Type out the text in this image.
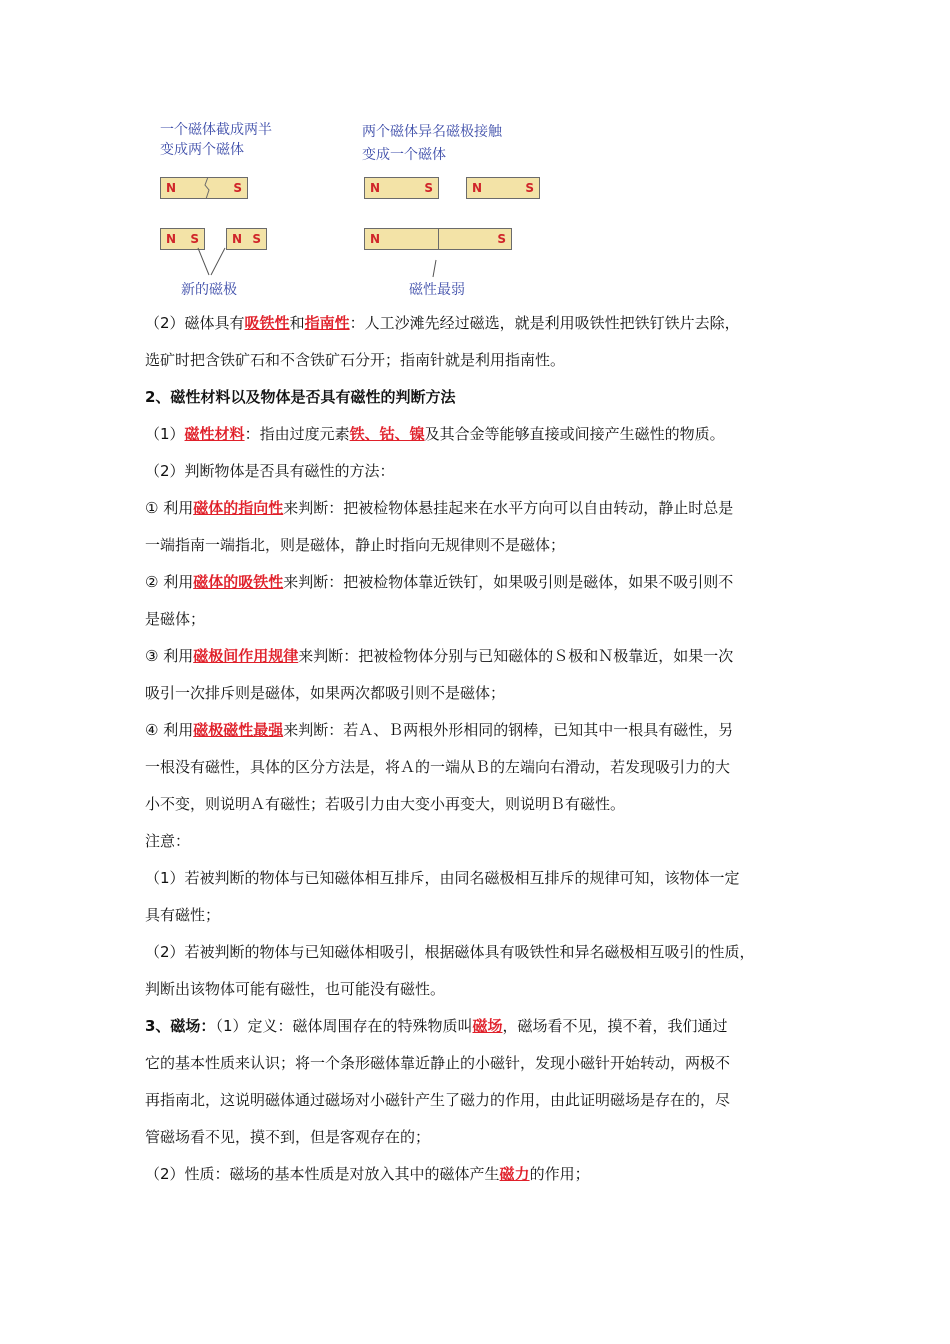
一个磁体截成两半
变成两个磁体
两个磁体异名磁极接触
变成一个磁体
N	S
N S	N S
新的磁极
N	S	N	S
N	S
磁性最弱
（2）磁体具有吸铁性和指南性：人工沙滩先经过磁选，就是利用吸铁性把铁钉铁片去除，
选矿时把含铁矿石和不含铁矿石分开；指南针就是利用指南性。
2、磁性材料以及物体是否具有磁性的判断方法
（1）磁性材料：指由过度元素铁、钴、镍及其合金等能够直接或间接产生磁性的物质。
（2）判断物体是否具有磁性的方法：
① 利用磁体的指向性来判断：把被检物体悬挂起来在水平方向可以自由转动，静止时总是
一端指南一端指北，则是磁体，静止时指向无规律则不是磁体；
② 利用磁体的吸铁性来判断：把被检物体靠近铁钉，如果吸引则是磁体，如果不吸引则不
是磁体；
③ 利用磁极间作用规律来判断：把被检物体分别与已知磁体的Ｓ极和Ｎ极靠近，如果一次
吸引一次排斥则是磁体，如果两次都吸引则不是磁体；
④ 利用磁极磁性最强来判断：若Ａ、Ｂ两根外形相同的钢棒，已知其中一根具有磁性，另
一根没有磁性，具体的区分方法是，将Ａ的一端从Ｂ的左端向右滑动，若发现吸引力的大
小不变，则说明Ａ有磁性；若吸引力由大变小再变大，则说明Ｂ有磁性。
注意：
（1）若被判断的物体与已知磁体相互排斥，由同名磁极相互排斥的规律可知，该物体一定
具有磁性；
（2）若被判断的物体与已知磁体相吸引，根据磁体具有吸铁性和异名磁极相互吸引的性质，
判断出该物体可能有磁性，也可能没有磁性。
3、磁场：（1）定义：磁体周围存在的特殊物质叫磁场，磁场看不见，摸不着，我们通过
它的基本性质来认识；将一个条形磁体靠近静止的小磁针，发现小磁针开始转动，两极不
再指南北，这说明磁体通过磁场对小磁针产生了磁力的作用，由此证明磁场是存在的，尽
管磁场看不见，摸不到，但是客观存在的；
（2）性质：磁场的基本性质是对放入其中的磁体产生磁力的作用；
